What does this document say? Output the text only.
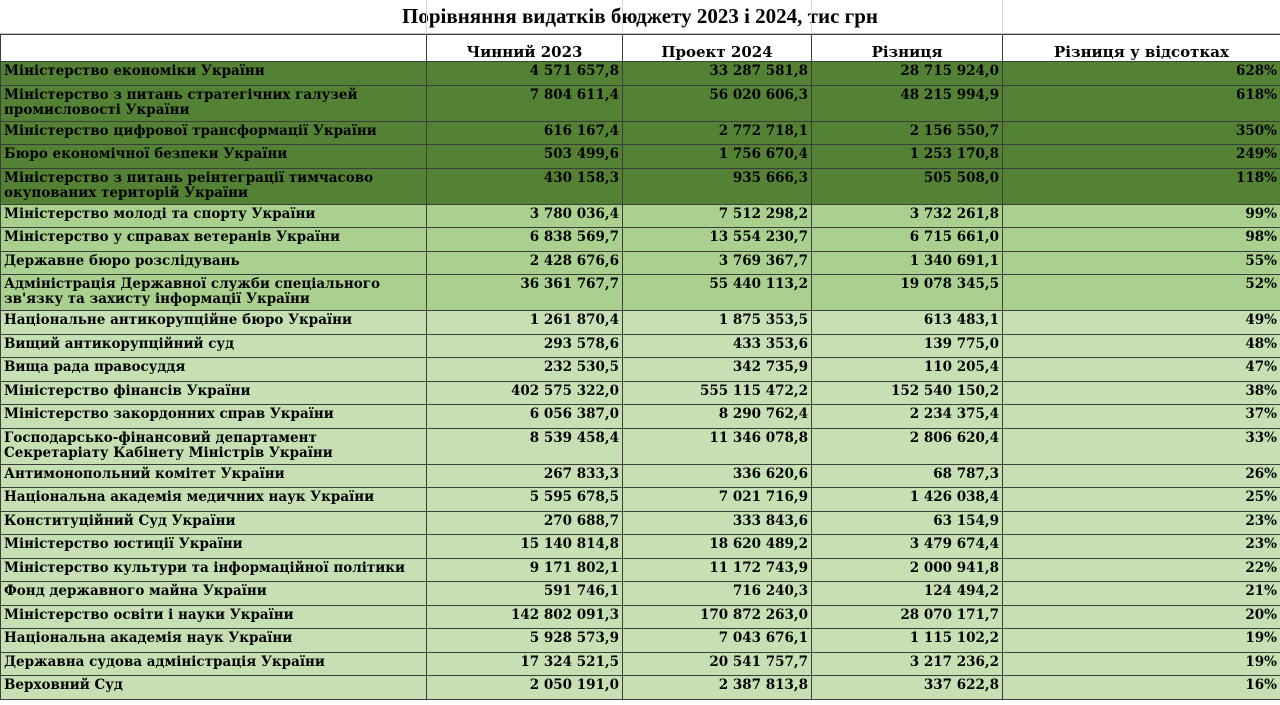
Порівняння видатків бюджету 2023 і 2024, тис грн
	Чинний 2023	Проект 2024	Різниця	Різниця у відсотках
Міністерство економіки України	4 571 657,8	33 287 581,8	28 715 924,0	628%
Міністерство з питань стратегічних галузей промисловості України	7 804 611,4	56 020 606,3	48 215 994,9	618%
Міністерство цифрової трансформації України	616 167,4	2 772 718,1	2 156 550,7	350%
Бюро економічної безпеки України	503 499,6	1 756 670,4	1 253 170,8	249%
Міністерство з питань реінтеграції тимчасово окупованих територій України	430 158,3	935 666,3	505 508,0	118%
Міністерство молоді та спорту України	3 780 036,4	7 512 298,2	3 732 261,8	99%
Міністерство у справах ветеранів України	6 838 569,7	13 554 230,7	6 715 661,0	98%
Державне бюро розслідувань	2 428 676,6	3 769 367,7	1 340 691,1	55%
Адміністрація Державної служби спеціального зв'язку та захисту інформації України	36 361 767,7	55 440 113,2	19 078 345,5	52%
Національне антикорупційне бюро України	1 261 870,4	1 875 353,5	613 483,1	49%
Вищий антикорупційний суд	293 578,6	433 353,6	139 775,0	48%
Вища рада правосуддя	232 530,5	342 735,9	110 205,4	47%
Міністерство фінансів України	402 575 322,0	555 115 472,2	152 540 150,2	38%
Міністерство закордонних справ України	6 056 387,0	8 290 762,4	2 234 375,4	37%
Господарсько-фінансовий департамент Секретаріату Кабінету Міністрів України	8 539 458,4	11 346 078,8	2 806 620,4	33%
Антимонопольний комітет України	267 833,3	336 620,6	68 787,3	26%
Національна академія медичних наук України	5 595 678,5	7 021 716,9	1 426 038,4	25%
Конституційний Суд України	270 688,7	333 843,6	63 154,9	23%
Міністерство юстиції України	15 140 814,8	18 620 489,2	3 479 674,4	23%
Міністерство культури та інформаційної політики	9 171 802,1	11 172 743,9	2 000 941,8	22%
Фонд державного майна України	591 746,1	716 240,3	124 494,2	21%
Міністерство освіти і науки України	142 802 091,3	170 872 263,0	28 070 171,7	20%
Національна академія наук України	5 928 573,9	7 043 676,1	1 115 102,2	19%
Державна судова адміністрація України	17 324 521,5	20 541 757,7	3 217 236,2	19%
Верховний Суд	2 050 191,0	2 387 813,8	337 622,8	16%
